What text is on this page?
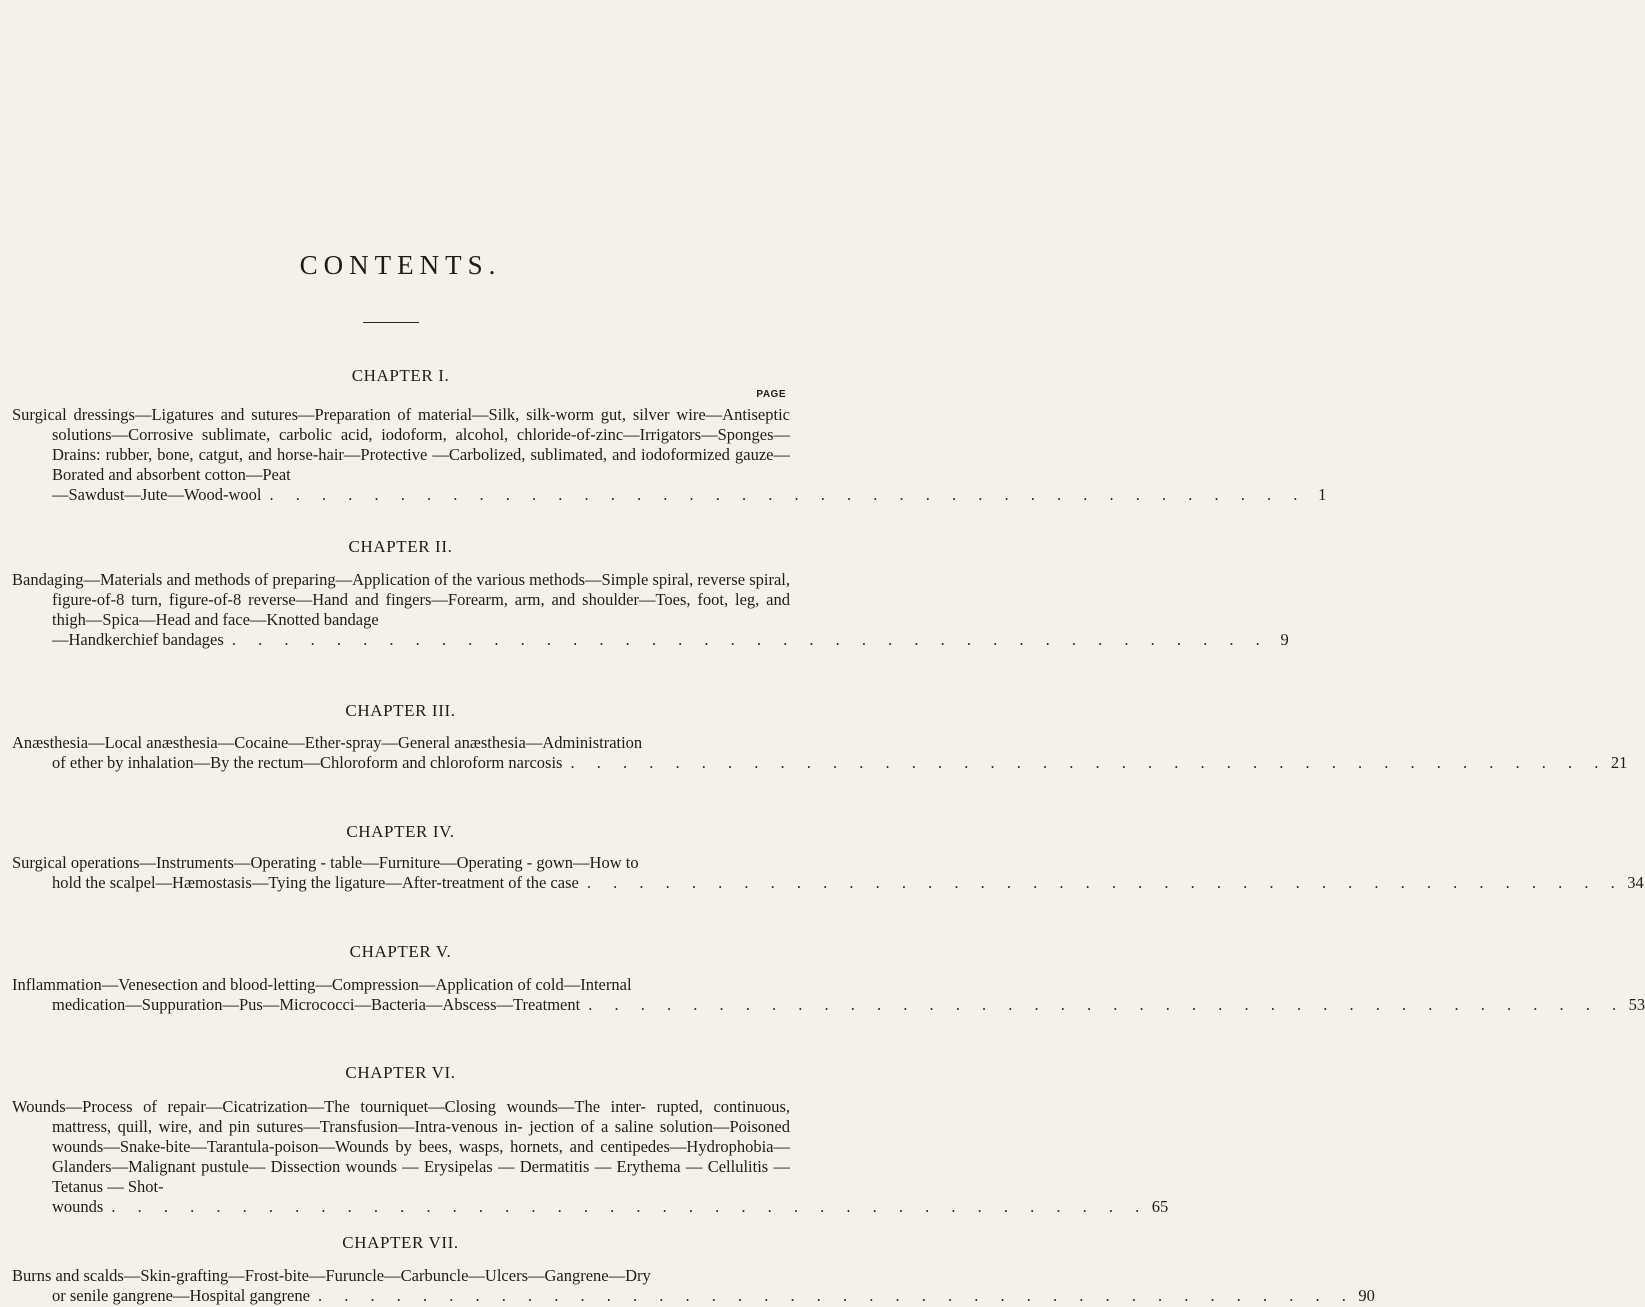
CONTENTS.
CHAPTER I.
PAGE
Surgical dressings—Ligatures and sutures—Preparation of material—Silk, silk-worm gut, silver wire—Antiseptic solutions—Corrosive sublimate, carbolic acid, iodoform, alcohol, chloride-of-zinc—Irrigators—Sponges—Drains: rubber, bone, catgut, and horse-hair—Protective —Carbolized, sublimated, and iodoformized gauze—Borated and absorbent cotton—Peat
—Sawdust—Jute—Wood-wool . . . . . . . . . . . . . . . . . . . . . . . . . . . . . . . . . . . . . . . . 1
CHAPTER II.
Bandaging—Materials and methods of preparing—Application of the various methods—Simple spiral, reverse spiral, figure-of-8 turn, figure-of-8 reverse—Hand and fingers—Forearm, arm, and shoulder—Toes, foot, leg, and thigh—Spica—Head and face—Knotted bandage
—Handkerchief bandages . . . . . . . . . . . . . . . . . . . . . . . . . . . . . . . . . . . . . . . . 9
CHAPTER III.
Anæsthesia—Local anæsthesia—Cocaine—Ether-spray—General anæsthesia—Administration
of ether by inhalation—By the rectum—Chloroform and chloroform narcosis . . . . . . . . . . . . . . . . . . . . . . . . . . . . . . . . . . . . . . . . 21
CHAPTER IV.
Surgical operations—Instruments—Operating - table—Furniture—Operating - gown—How to
hold the scalpel—Hæmostasis—Tying the ligature—After-treatment of the case . . . . . . . . . . . . . . . . . . . . . . . . . . . . . . . . . . . . . . . . 34
CHAPTER V.
Inflammation—Venesection and blood-letting—Compression—Application of cold—Internal
medication—Suppuration—Pus—Micrococci—Bacteria—Abscess—Treatment . . . . . . . . . . . . . . . . . . . . . . . . . . . . . . . . . . . . . . . . 53
CHAPTER VI.
Wounds—Process of repair—Cicatrization—The tourniquet—Closing wounds—The inter- rupted, continuous, mattress, quill, wire, and pin sutures—Transfusion—Intra-venous in- jection of a saline solution—Poisoned wounds—Snake-bite—Tarantula-poison—Wounds by bees, wasps, hornets, and centipedes—Hydrophobia—Glanders—Malignant pustule— Dissection wounds — Erysipelas — Dermatitis — Erythema — Cellulitis — Tetanus — Shot-
wounds . . . . . . . . . . . . . . . . . . . . . . . . . . . . . . . . . . . . . . . . 65
CHAPTER VII.
Burns and scalds—Skin-grafting—Frost-bite—Furuncle—Carbuncle—Ulcers—Gangrene—Dry
or senile gangrene—Hospital gangrene . . . . . . . . . . . . . . . . . . . . . . . . . . . . . . . . . . . . . . . . 90
